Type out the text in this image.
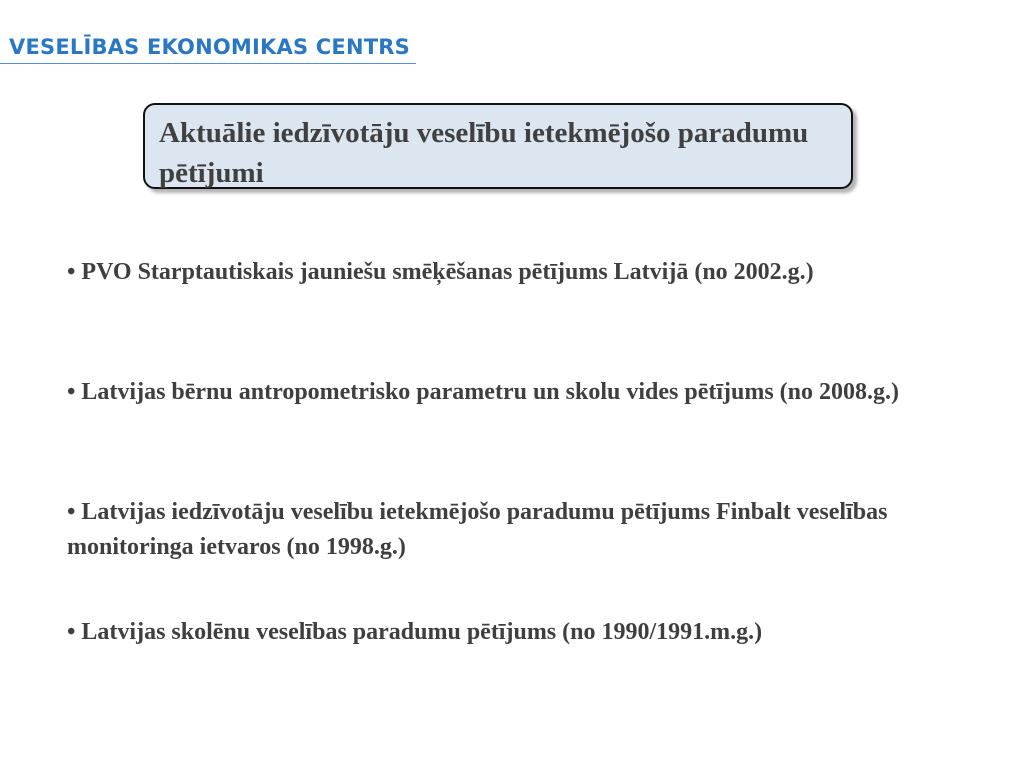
VESELĪBAS EKONOMIKAS CENTRS

Aktuālie iedzīvotāju veselību ietekmējošo paradumu pētījumi

• PVO Starptautiskais jauniešu smēķēšanas pētījums Latvijā (no 2002.g.)
• Latvijas bērnu antropometrisko parametru un skolu vides pētījums (no 2008.g.)
• Latvijas iedzīvotāju veselību ietekmējošo paradumu pētījums Finbalt veselības monitoringa ietvaros (no 1998.g.)
• Latvijas skolēnu veselības paradumu pētījums (no 1990/1991.m.g.)
